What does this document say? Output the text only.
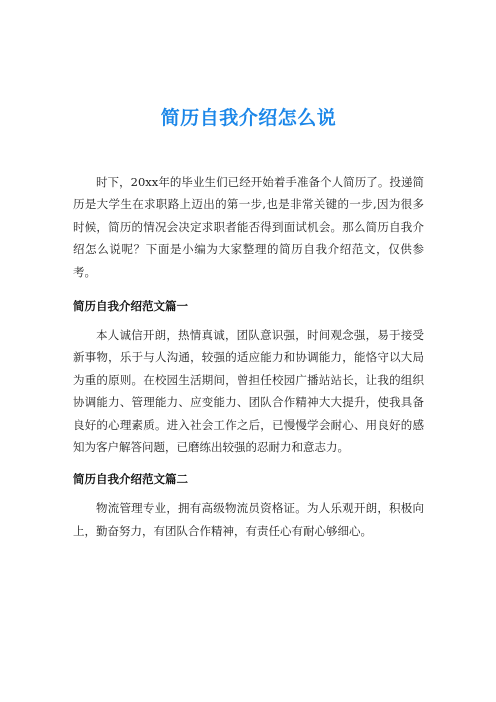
简历自我介绍怎么说

时下，20xx年的毕业生们已经开始着手准备个人简历了。投递简历是大学生在求职路上迈出的第一步,也是非常关键的一步,因为很多时候，简历的情况会决定求职者能否得到面试机会。那么简历自我介绍怎么说呢？下面是小编为大家整理的简历自我介绍范文，仅供参考。

简历自我介绍范文篇一

本人诚信开朗，热情真诚，团队意识强，时间观念强，易于接受新事物，乐于与人沟通，较强的适应能力和协调能力，能恪守以大局为重的原则。在校园生活期间，曾担任校园广播站站长，让我的组织协调能力、管理能力、应变能力、团队合作精神大大提升，使我具备良好的心理素质。进入社会工作之后，已慢慢学会耐心、用良好的感知为客户解答问题，已磨练出较强的忍耐力和意志力。

简历自我介绍范文篇二

物流管理专业，拥有高级物流员资格证。为人乐观开朗，积极向上，勤奋努力，有团队合作精神，有责任心有耐心够细心。
